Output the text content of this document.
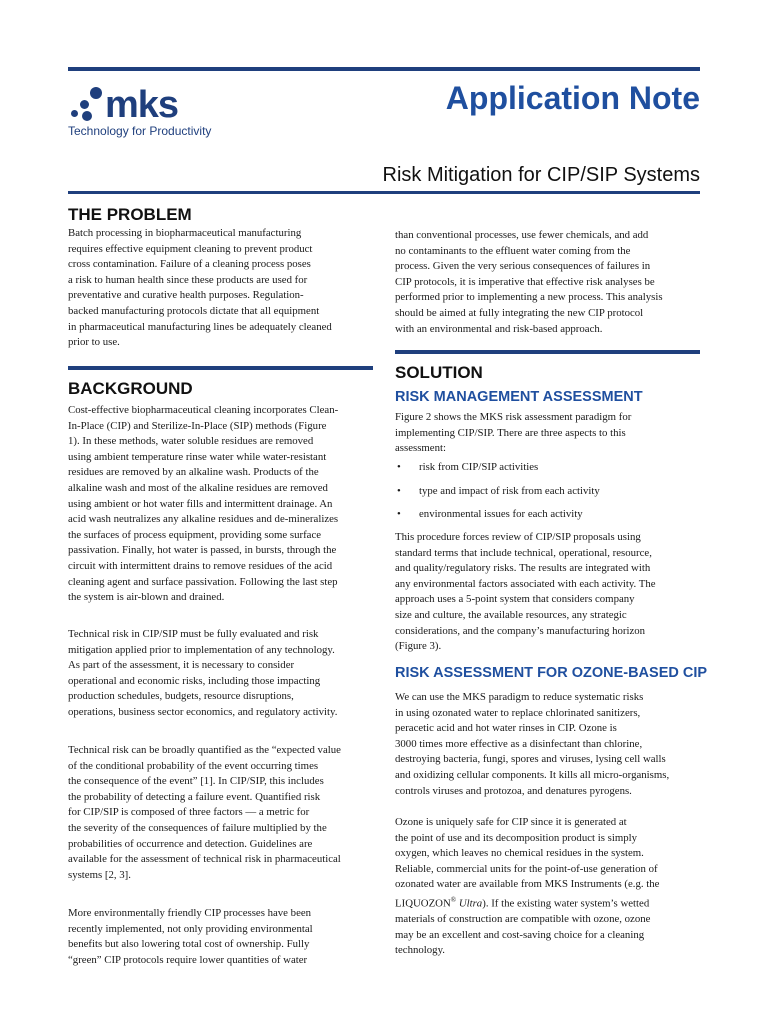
mks
Technology for Productivity
Application Note
Risk Mitigation for CIP/SIP Systems
THE PROBLEM
Batch processing in biopharmaceutical manufacturing
requires effective equipment cleaning to prevent product
cross contamination. Failure of a cleaning process poses
a risk to human health since these products are used for
preventative and curative health purposes. Regulation-
backed manufacturing protocols dictate that all equipment
in pharmaceutical manufacturing lines be adequately cleaned
prior to use.
BACKGROUND
Cost-effective biopharmaceutical cleaning incorporates Clean-
In-Place (CIP) and Sterilize-In-Place (SIP) methods (Figure
1). In these methods, water soluble residues are removed
using ambient temperature rinse water while water-resistant
residues are removed by an alkaline wash. Products of the
alkaline wash and most of the alkaline residues are removed
using ambient or hot water fills and intermittent drainage. An
acid wash neutralizes any alkaline residues and de-mineralizes
the surfaces of process equipment, providing some surface
passivation. Finally, hot water is passed, in bursts, through the
circuit with intermittent drains to remove residues of the acid
cleaning agent and surface passivation. Following the last step
the system is air-blown and drained.
Technical risk in CIP/SIP must be fully evaluated and risk
mitigation applied prior to implementation of any technology.
As part of the assessment, it is necessary to consider
operational and economic risks, including those impacting
production schedules, budgets, resource disruptions,
operations, business sector economics, and regulatory activity.
Technical risk can be broadly quantified as the “expected value
of the conditional probability of the event occurring times
the consequence of the event” [1]. In CIP/SIP, this includes
the probability of detecting a failure event. Quantified risk
for CIP/SIP is composed of three factors — a metric for
the severity of the consequences of failure multiplied by the
probabilities of occurrence and detection. Guidelines are
available for the assessment of technical risk in pharmaceutical
systems [2, 3].
More environmentally friendly CIP processes have been
recently implemented, not only providing environmental
benefits but also lowering total cost of ownership. Fully
“green” CIP protocols require lower quantities of water
than conventional processes, use fewer chemicals, and add
no contaminants to the effluent water coming from the
process. Given the very serious consequences of failures in
CIP protocols, it is imperative that effective risk analyses be
performed prior to implementing a new process. This analysis
should be aimed at fully integrating the new CIP protocol
with an environmental and risk-based approach.
SOLUTION
RISK MANAGEMENT ASSESSMENT
Figure 2 shows the MKS risk assessment paradigm for
implementing CIP/SIP. There are three aspects to this
assessment:
• risk from CIP/SIP activities
• type and impact of risk from each activity
• environmental issues for each activity
This procedure forces review of CIP/SIP proposals using
standard terms that include technical, operational, resource,
and quality/regulatory risks. The results are integrated with
any environmental factors associated with each activity. The
approach uses a 5-point system that considers company
size and culture, the available resources, any strategic
considerations, and the company’s manufacturing horizon
(Figure 3).
RISK ASSESSMENT FOR OZONE-BASED CIP
We can use the MKS paradigm to reduce systematic risks
in using ozonated water to replace chlorinated sanitizers,
peracetic acid and hot water rinses in CIP. Ozone is
3000 times more effective as a disinfectant than chlorine,
destroying bacteria, fungi, spores and viruses, lysing cell walls
and oxidizing cellular components. It kills all micro-organisms,
controls viruses and protozoa, and denatures pyrogens.
Ozone is uniquely safe for CIP since it is generated at
the point of use and its decomposition product is simply
oxygen, which leaves no chemical residues in the system.
Reliable, commercial units for the point-of-use generation of
ozonated water are available from MKS Instruments (e.g. the
LIQUOZON® Ultra). If the existing water system’s wetted
materials of construction are compatible with ozone, ozone
may be an excellent and cost-saving choice for a cleaning
technology.
